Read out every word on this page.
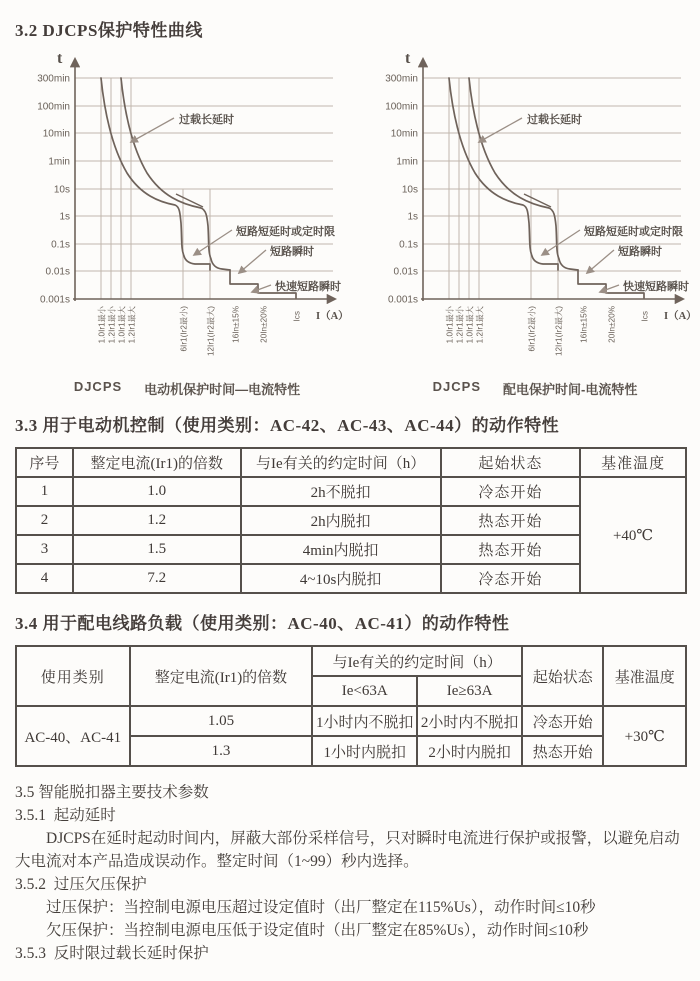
3.2 DJCPS保护特性曲线
300min
100min
10min
1min
10s
1s
0.1s
0.01s
0.001s
t
1.0Ir1最小 1.2Ir1最小 1.0Ir1最大 1.2Ir1最大	6Ir1(Ir2最小) 12Ir1(Ir2最大) 16In±15% 20In±20%	Ics I（A）
过载长延时
短路短延时或定时限
短路瞬时
快速短路瞬时
DJCPS 电动机保护时间—电流特性
300min
100min
10min
1min
10s
1s
0.1s
0.01s
0.001s
t
1.0Ir1最小 1.2Ir1最小 1.0Ir1最大 1.2Ir1最大	6Ir1(Ir2最小) 12Ir1(Ir2最大) 16In±15% 20In±20%	Ics I（A）
过载长延时
短路短延时或定时限
短路瞬时
快速短路瞬时
DJCPS 配电保护时间-电流特性
3.3 用于电动机控制（使用类别：AC-42、AC-43、AC-44）的动作特性
序号	整定电流(Ir1)的倍数	与Ie有关的约定时间（h）	起始状态	基准温度
1	1.0	2h不脱扣	冷态开始	+40℃
2	1.2	2h内脱扣	热态开始	
3	1.5	4min内脱扣	热态开始	
4	7.2	4~10s内脱扣	冷态开始	
3.4 用于配电线路负载（使用类别：AC-40、AC-41）的动作特性
使用类别	整定电流(Ir1)的倍数	与Ie有关的约定时间（h）		起始状态	基准温度
		Ie<63A	Ie≥63A		
AC-40、AC-41	1.05	1小时内不脱扣	2小时内不脱扣	冷态开始	+30℃
	1.3	1小时内脱扣	2小时内脱扣	热态开始	

3.5 智能脱扣器主要技术参数

3.5.1  起动延时

DJCPS在延时起动时间内，屏蔽大部份采样信号，只对瞬时电流进行保护或报警，以避免启动大电流对本产品造成误动作。整定时间（1~99）秒内选择。

3.5.2  过压欠压保护

过压保护：当控制电源电压超过设定值时（出厂整定在115%Us），动作时间≤10秒

欠压保护：当控制电源电压低于设定值时（出厂整定在85%Us），动作时间≤10秒

3.5.3  反时限过载长延时保护
